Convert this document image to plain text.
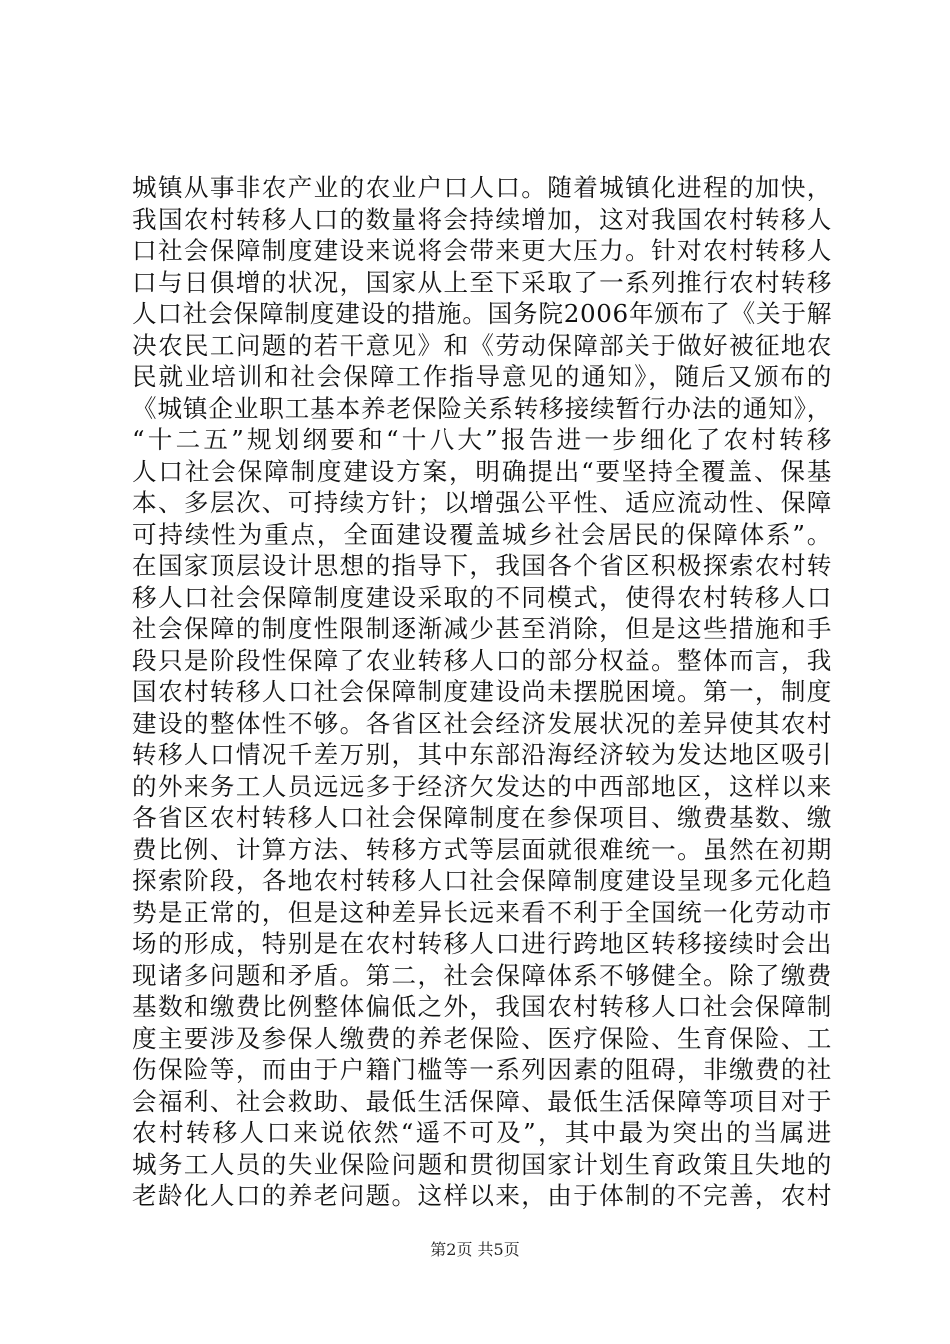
城镇从事非农产业的农业户口人口。随着城镇化进程的加快，
我国农村转移人口的数量将会持续增加，这对我国农村转移人
口社会保障制度建设来说将会带来更大压力。针对农村转移人
口与日俱增的状况，国家从上至下采取了一系列推行农村转移
人口社会保障制度建设的措施。国务院2006年颁布了《关于解
决农民工问题的若干意见》和《劳动保障部关于做好被征地农
民就业培训和社会保障工作指导意见的通知》，随后又颁布的
《城镇企业职工基本养老保险关系转移接续暂行办法的通知》，
“十二五”规划纲要和“十八大”报告进一步细化了农村转移
人口社会保障制度建设方案，明确提出“要坚持全覆盖、保基
本、多层次、可持续方针；以增强公平性、适应流动性、保障
可持续性为重点，全面建设覆盖城乡社会居民的保障体系”。
在国家顶层设计思想的指导下，我国各个省区积极探索农村转
移人口社会保障制度建设采取的不同模式，使得农村转移人口
社会保障的制度性限制逐渐减少甚至消除，但是这些措施和手
段只是阶段性保障了农业转移人口的部分权益。整体而言，我
国农村转移人口社会保障制度建设尚未摆脱困境。第一，制度
建设的整体性不够。各省区社会经济发展状况的差异使其农村
转移人口情况千差万别，其中东部沿海经济较为发达地区吸引
的外来务工人员远远多于经济欠发达的中西部地区，这样以来
各省区农村转移人口社会保障制度在参保项目、缴费基数、缴
费比例、计算方法、转移方式等层面就很难统一。虽然在初期
探索阶段，各地农村转移人口社会保障制度建设呈现多元化趋
势是正常的，但是这种差异长远来看不利于全国统一化劳动市
场的形成，特别是在农村转移人口进行跨地区转移接续时会出
现诸多问题和矛盾。第二，社会保障体系不够健全。除了缴费
基数和缴费比例整体偏低之外，我国农村转移人口社会保障制
度主要涉及参保人缴费的养老保险、医疗保险、生育保险、工
伤保险等，而由于户籍门槛等一系列因素的阻碍，非缴费的社
会福利、社会救助、最低生活保障、最低生活保障等项目对于
农村转移人口来说依然“遥不可及”，其中最为突出的当属进
城务工人员的失业保险问题和贯彻国家计划生育政策且失地的
老龄化人口的养老问题。这样以来，由于体制的不完善，农村
第2页 共5页
